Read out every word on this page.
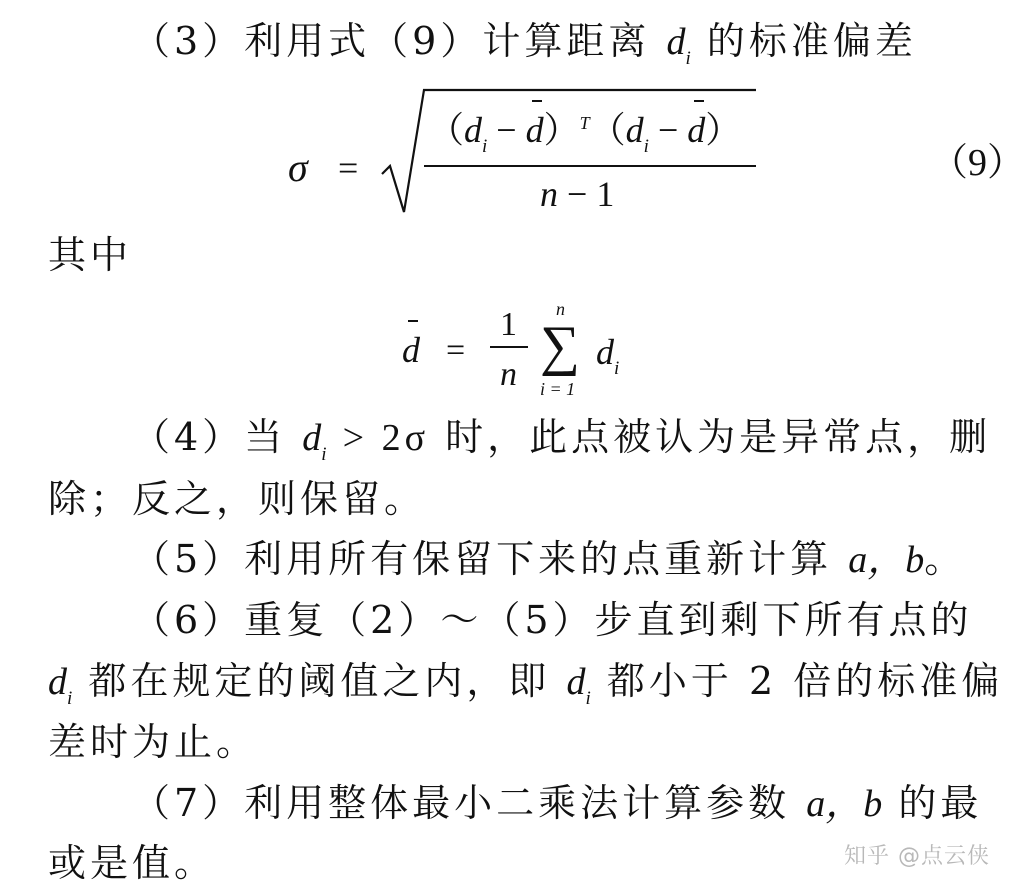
（3）利用式（9）计算距离 $d_i$ 的标准偏差
σ =
$(d_i - d)^T(d_i - d)$
n − 1
（9）
其中
d =
1
n
n
∑
i = 1
$d_i$
（4）当 $d_i > 2\sigma$ 时，此点被认为是异常点，删
除；反之，则保留。
（5）利用所有保留下来的点重新计算 a，b。
（6）重复（2）～（5）步直到剩下所有点的
$d_i$ 都在规定的阈值之内，即 $d_i$ 都小于 2 倍的标准偏
差时为止。
（7）利用整体最小二乘法计算参数 a，b 的最
或是值。	知乎 @点云侠
